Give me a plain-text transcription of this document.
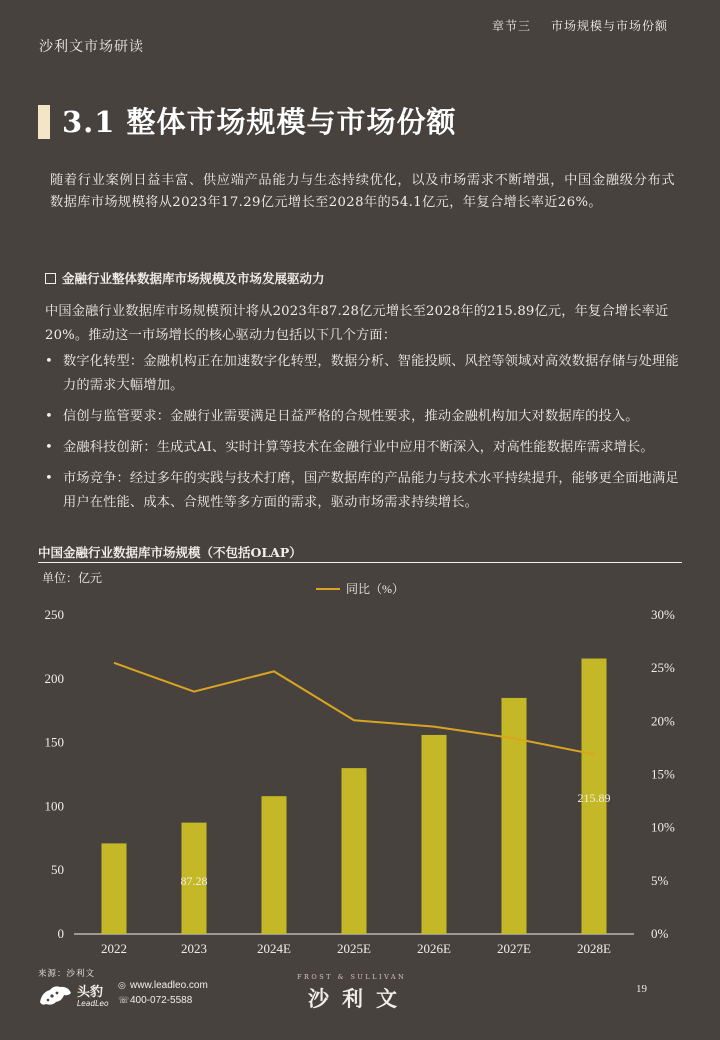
沙利文市场研读
章节三 市场规模与市场份额
3.1 整体市场规模与市场份额
随着行业案例日益丰富、供应端产品能力与生态持续优化，以及市场需求不断增强，中国金融级分布式数据库市场规模将从2023年17.29亿元增长至2028年的54.1亿元，年复合增长率近26%。
金融行业整体数据库市场规模及市场发展驱动力
中国金融行业数据库市场规模预计将从2023年87.28亿元增长至2028年的215.89亿元，年复合增长率近20%。推动这一市场增长的核心驱动力包括以下几个方面：
• 数字化转型：金融机构正在加速数字化转型，数据分析、智能投顾、风控等领域对高效数据存储与处理能力的需求大幅增加。
• 信创与监管要求：金融行业需要满足日益严格的合规性要求，推动金融机构加大对数据库的投入。
• 金融科技创新：生成式AI、实时计算等技术在金融行业中应用不断深入，对高性能数据库需求增长。
• 市场竞争：经过多年的实践与技术打磨，国产数据库的产品能力与技术水平持续提升，能够更全面地满足用户在性能、成本、合规性等多方面的需求，驱动市场需求持续增长。
中国金融行业数据库市场规模（不包括OLAP）
单位：亿元
同比（%）
0
50
100
150
200
250
0%
5%
10%
15%
20%
25%
30%
2022	2023	2024E	2025E	2026E	2027E	2028E
87.28
215.89
来源：沙利文
头豹
LeadLeo
◎ www.leadleo.com
☏400-072-5588
FROST & SULLIVAN
沙利文	19
